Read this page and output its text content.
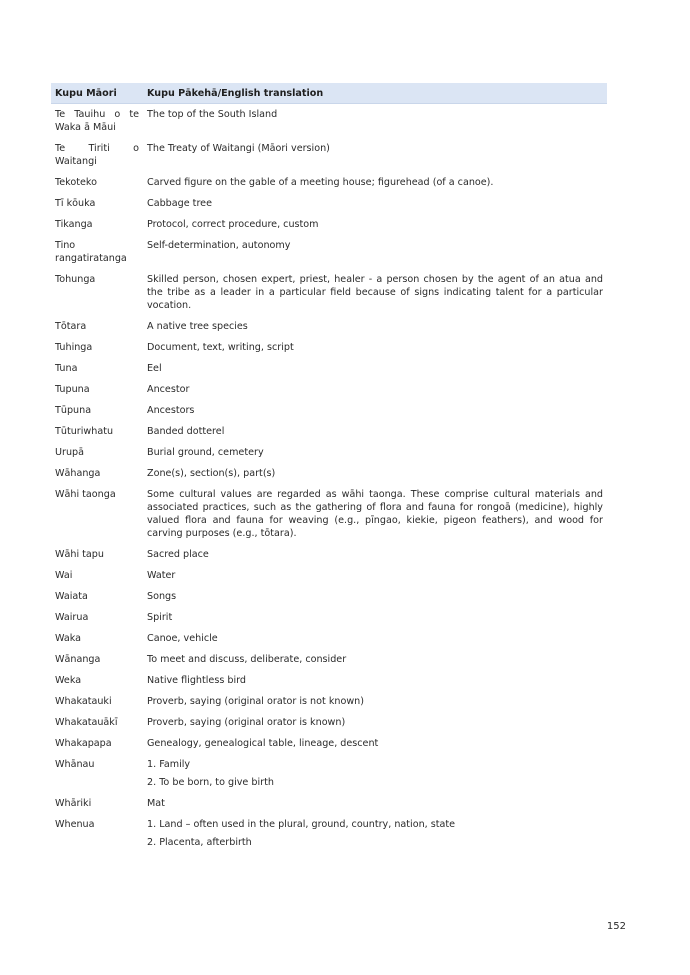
Kupu Māori	Kupu Pākehā/English translation
Te Tauihu o te Waka ā Māui	The top of the South Island

Te Tiriti o Waitangi	The Treaty of Waitangi (Māori version)

Tekoteko	Carved figure on the gable of a meeting house; figurehead (of a canoe).

Tī kōuka	Cabbage tree

Tikanga	Protocol, correct procedure, custom

Tino rangatiratanga	Self-determination, autonomy

Tohunga	Skilled person, chosen expert, priest, healer - a person chosen by the agent of an atua and the tribe as a leader in a particular field because of signs indicating talent for a particular vocation.

Tōtara	A native tree species

Tuhinga	Document, text, writing, script

Tuna	Eel

Tupuna	Ancestor

Tūpuna	Ancestors

Tūturiwhatu	Banded dotterel

Urupā	Burial ground, cemetery

Wāhanga	Zone(s), section(s), part(s)

Wāhi taonga	Some cultural values are regarded as wāhi taonga. These comprise cultural materials and associated practices, such as the gathering of flora and fauna for rongoā (medicine), highly valued flora and fauna for weaving (e.g., pīngao, kiekie, pigeon feathers), and wood for carving purposes (e.g., tōtara).

Wāhi tapu	Sacred place

Wai	Water

Waiata	Songs

Wairua	Spirit

Waka	Canoe, vehicle

Wānanga	To meet and discuss, deliberate, consider

Weka	Native flightless bird

Whakatauki	Proverb, saying (original orator is not known)

Whakatauākī	Proverb, saying (original orator is known)

Whakapapa	Genealogy, genealogical table, lineage, descent

Whānau	1. Family
2. To be born, to give birth

Whāriki	Mat

Whenua	1. Land – often used in the plural, ground, country, nation, state
2. Placenta, afterbirth
152
